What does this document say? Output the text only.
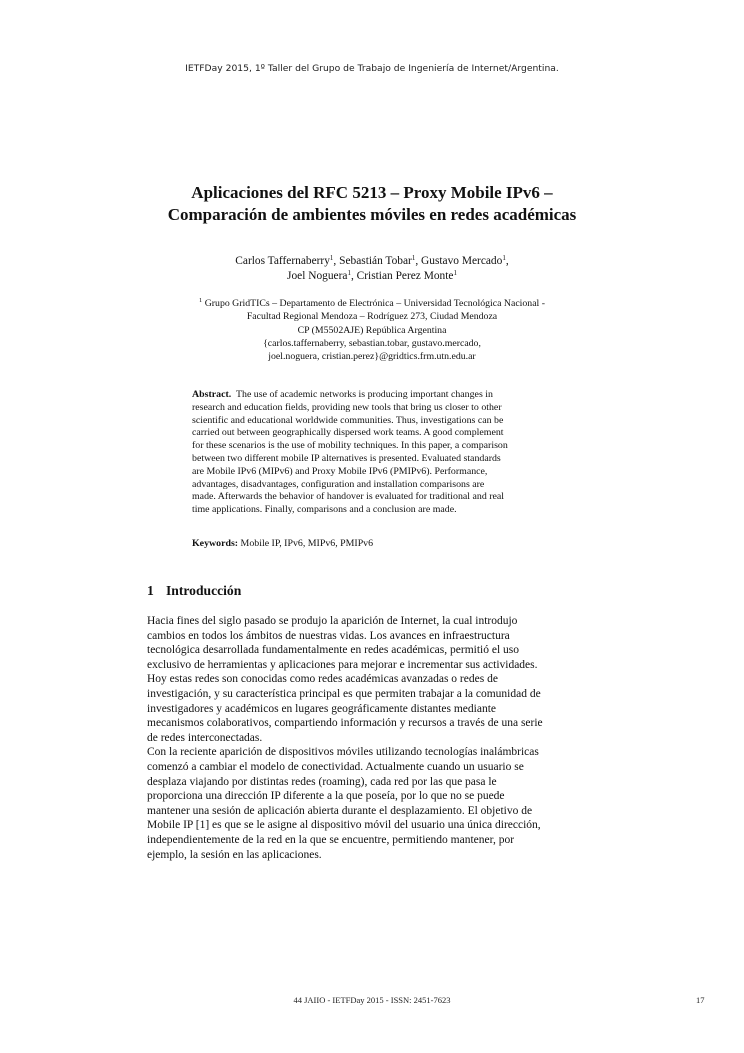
IETFDay 2015, 1º Taller del Grupo de Trabajo de Ingeniería de Internet/Argentina.
Aplicaciones del RFC 5213 – Proxy Mobile IPv6 –
Comparación de ambientes móviles en redes académicas
Carlos Taffernaberry$^1$, Sebastián Tobar$^1$, Gustavo Mercado$^1$,
Joel Noguera$^1$, Cristian Perez Monte$^1$
$^1$ Grupo GridTICs – Departamento de Electrónica – Universidad Tecnológica Nacional -
Facultad Regional Mendoza – Rodríguez 273, Ciudad Mendoza
CP (M5502AJE) República Argentina
{carlos.taffernaberry, sebastian.tobar, gustavo.mercado,
joel.noguera, cristian.perez}@gridtics.frm.utn.edu.ar
Abstract. The use of academic networks is producing important changes in
research and education fields, providing new tools that bring us closer to other
scientific and educational worldwide communities. Thus, investigations can be
carried out between geographically dispersed work teams. A good complement
for these scenarios is the use of mobility techniques. In this paper, a comparison
between two different mobile IP alternatives is presented. Evaluated standards
are Mobile IPv6 (MIPv6) and Proxy Mobile IPv6 (PMIPv6). Performance,
advantages, disadvantages, configuration and installation comparisons are
made. Afterwards the behavior of handover is evaluated for traditional and real
time applications. Finally, comparisons and a conclusion are made.
Keywords: Mobile IP, IPv6, MIPv6, PMIPv6
1 Introducción
Hacia fines del siglo pasado se produjo la aparición de Internet, la cual introdujo
cambios en todos los ámbitos de nuestras vidas. Los avances en infraestructura
tecnológica desarrollada fundamentalmente en redes académicas, permitió el uso
exclusivo de herramientas y aplicaciones para mejorar e incrementar sus actividades.
Hoy estas redes son conocidas como redes académicas avanzadas o redes de
investigación, y su característica principal es que permiten trabajar a la comunidad de
investigadores y académicos en lugares geográficamente distantes mediante
mecanismos colaborativos, compartiendo información y recursos a través de una serie
de redes interconectadas.
Con la reciente aparición de dispositivos móviles utilizando tecnologías inalámbricas
comenzó a cambiar el modelo de conectividad. Actualmente cuando un usuario se
desplaza viajando por distintas redes (roaming), cada red por las que pasa le
proporciona una dirección IP diferente a la que poseía, por lo que no se puede
mantener una sesión de aplicación abierta durante el desplazamiento. El objetivo de
Mobile IP [1] es que se le asigne al dispositivo móvil del usuario una única dirección,
independientemente de la red en la que se encuentre, permitiendo mantener, por
ejemplo, la sesión en las aplicaciones.
44 JAIIO - IETFDay 2015 - ISSN: 2451-7623	17
